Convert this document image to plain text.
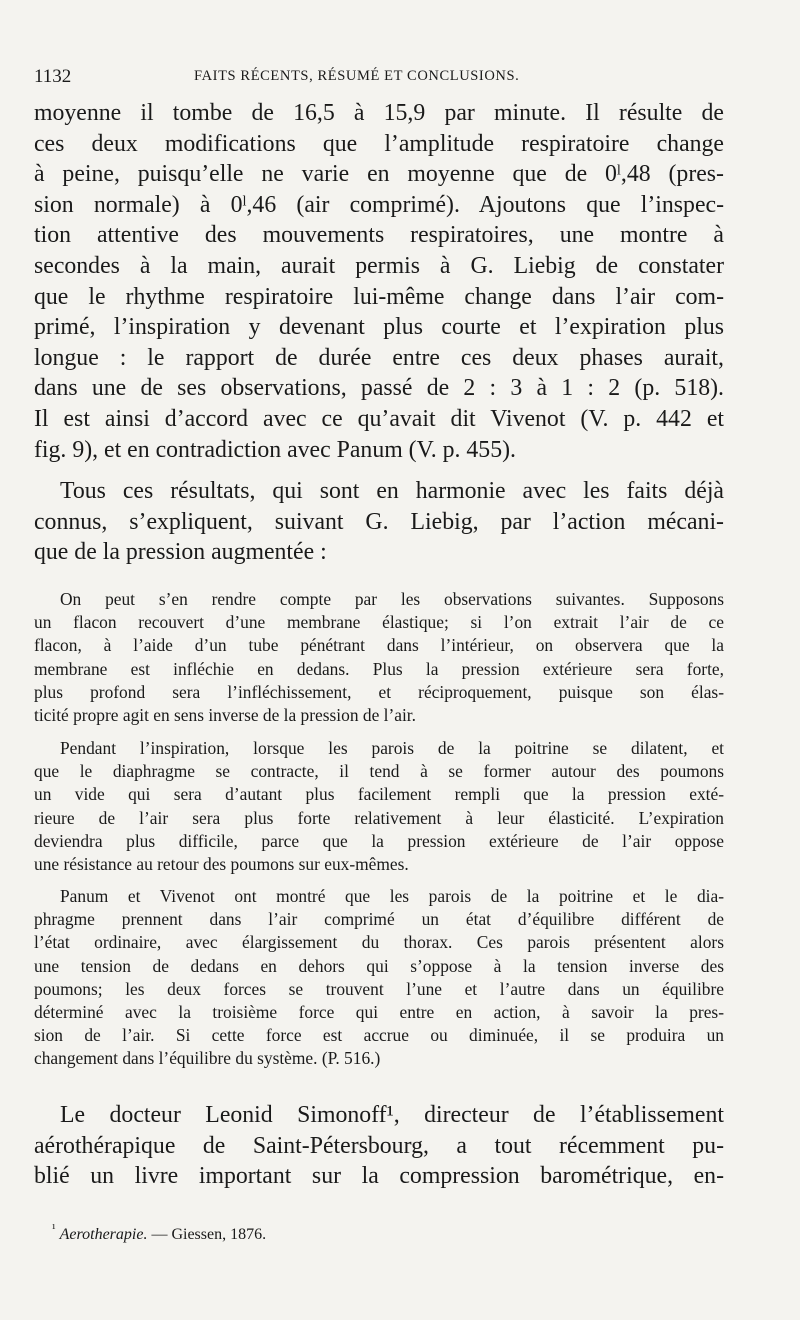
1132	FAITS RÉCENTS, RÉSUMÉ ET CONCLUSIONS.
moyenne il tombe de 16,5 à 15,9 par minute. Il résulte de
ces deux modifications que l’amplitude respiratoire change
à peine, puisqu’elle ne varie en moyenne que de 0ˡ,48 (pres-
sion normale) à 0ˡ,46 (air comprimé). Ajoutons que l’inspec-
tion attentive des mouvements respiratoires, une montre à
secondes à la main, aurait permis à G. Liebig de constater
que le rhythme respiratoire lui-même change dans l’air com-
primé, l’inspiration y devenant plus courte et l’expiration plus
longue : le rapport de durée entre ces deux phases aurait,
dans une de ses observations, passé de 2 : 3 à 1 : 2 (p. 518).
Il est ainsi d’accord avec ce qu’avait dit Vivenot (V. p. 442 et
fig. 9), et en contradiction avec Panum (V. p. 455).
Tous ces résultats, qui sont en harmonie avec les faits déjà
connus, s’expliquent, suivant G. Liebig, par l’action mécani-
que de la pression augmentée :
On peut s’en rendre compte par les observations suivantes. Supposons
un flacon recouvert d’une membrane élastique; si l’on extrait l’air de ce
flacon, à l’aide d’un tube pénétrant dans l’intérieur, on observera que la
membrane est infléchie en dedans. Plus la pression extérieure sera forte,
plus profond sera l’infléchissement, et réciproquement, puisque son élas-
ticité propre agit en sens inverse de la pression de l’air.
Pendant l’inspiration, lorsque les parois de la poitrine se dilatent, et
que le diaphragme se contracte, il tend à se former autour des poumons
un vide qui sera d’autant plus facilement rempli que la pression exté-
rieure de l’air sera plus forte relativement à leur élasticité. L’expiration
deviendra plus difficile, parce que la pression extérieure de l’air oppose
une résistance au retour des poumons sur eux-mêmes.
Panum et Vivenot ont montré que les parois de la poitrine et le dia-
phragme prennent dans l’air comprimé un état d’équilibre différent de
l’état ordinaire, avec élargissement du thorax. Ces parois présentent alors
une tension de dedans en dehors qui s’oppose à la tension inverse des
poumons; les deux forces se trouvent l’une et l’autre dans un équilibre
déterminé avec la troisième force qui entre en action, à savoir la pres-
sion de l’air. Si cette force est accrue ou diminuée, il se produira un
changement dans l’équilibre du système. (P. 516.)
Le docteur Leonid Simonoff¹, directeur de l’établissement
aérothérapique de Saint-Pétersbourg, a tout récemment pu-
blié un livre important sur la compression barométrique, en-
$^{^1}$ Aerotherapie. — Giessen, 1876.
